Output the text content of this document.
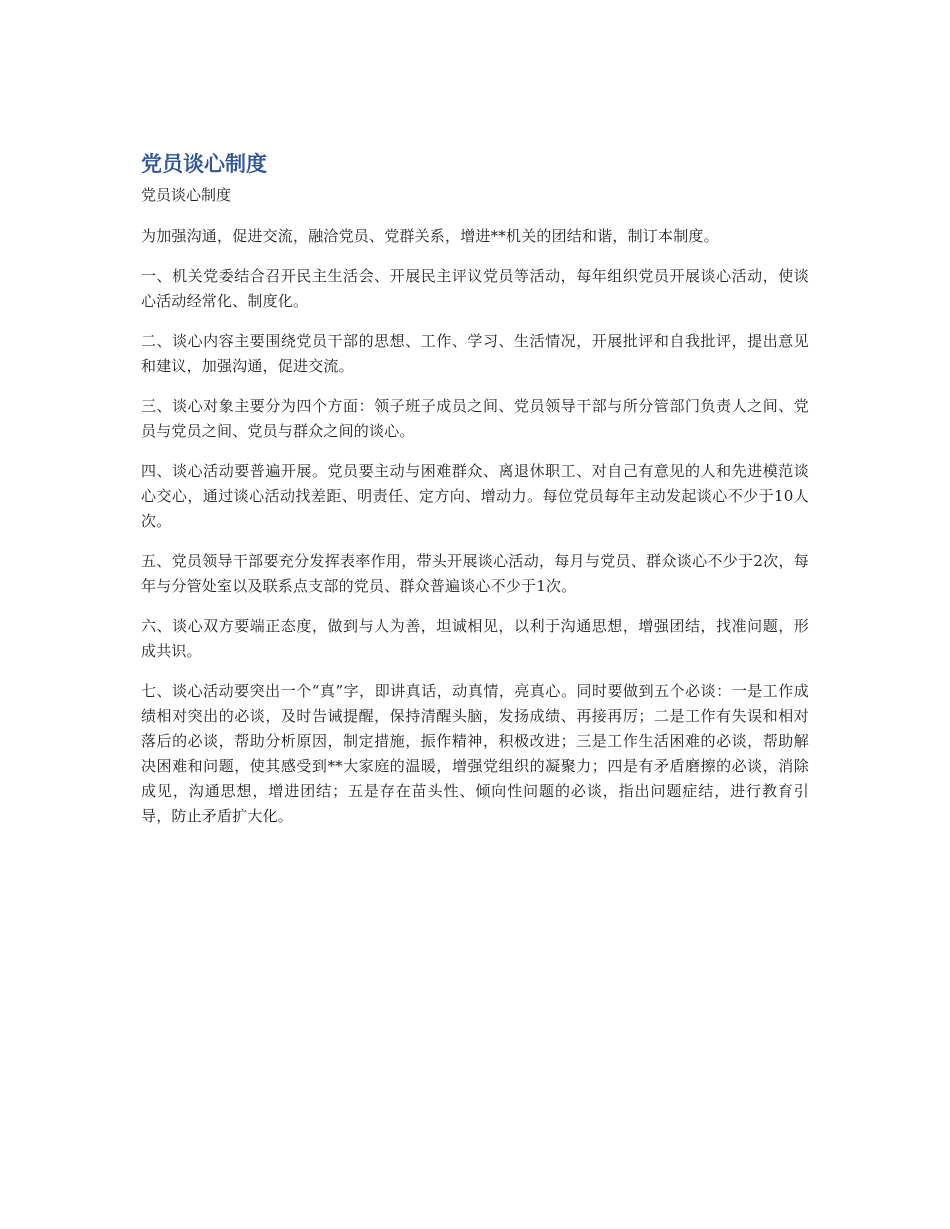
党员谈心制度
党员谈心制度

为加强沟通，促进交流，融洽党员、党群关系，增进**机关的团结和谐，制订本制度。

一、机关党委结合召开民主生活会、开展民主评议党员等活动，每年组织党员开展谈心活动，使谈心活动经常化、制度化。

二、谈心内容主要围绕党员干部的思想、工作、学习、生活情况，开展批评和自我批评，提出意见和建议，加强沟通，促进交流。

三、谈心对象主要分为四个方面：领子班子成员之间、党员领导干部与所分管部门负责人之间、党员与党员之间、党员与群众之间的谈心。

四、谈心活动要普遍开展。党员要主动与困难群众、离退休职工、对自己有意见的人和先进模范谈心交心，通过谈心活动找差距、明责任、定方向、增动力。每位党员每年主动发起谈心不少于10人次。

五、党员领导干部要充分发挥表率作用，带头开展谈心活动，每月与党员、群众谈心不少于2次，每年与分管处室以及联系点支部的党员、群众普遍谈心不少于1次。

六、谈心双方要端正态度，做到与人为善，坦诚相见，以利于沟通思想，增强团结，找准问题，形成共识。

七、谈心活动要突出一个“真”字，即讲真话，动真情，亮真心。同时要做到五个必谈：一是工作成绩相对突出的必谈，及时告诫提醒，保持清醒头脑，发扬成绩、再接再厉；二是工作有失误和相对落后的必谈，帮助分析原因，制定措施，振作精神，积极改进；三是工作生活困难的必谈，帮助解决困难和问题，使其感受到**大家庭的温暖，增强党组织的凝聚力；四是有矛盾磨擦的必谈，消除成见，沟通思想，增进团结；五是存在苗头性、倾向性问题的必谈，指出问题症结，进行教育引导，防止矛盾扩大化。
